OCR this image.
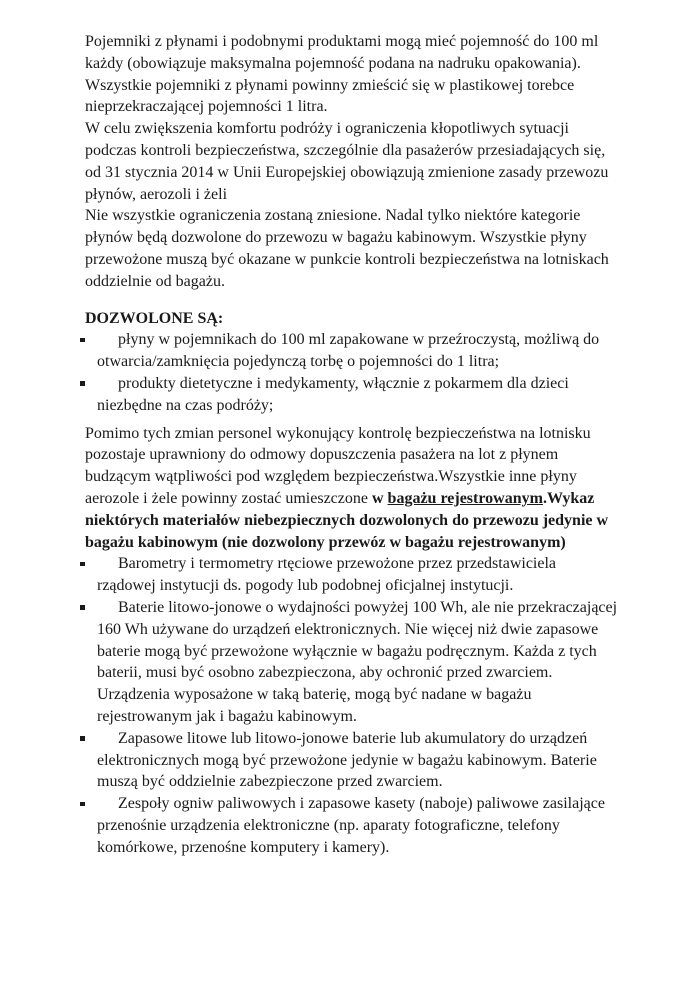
Pojemniki z płynami i podobnymi produktami mogą mieć pojemność do 100 ml każdy (obowiązuje maksymalna pojemność podana na nadruku opakowania). Wszystkie pojemniki z płynami powinny zmieścić się w plastikowej torebce nieprzekraczającej pojemności 1 litra.

W celu zwiększenia komfortu podróży i ograniczenia kłopotliwych sytuacji podczas kontroli bezpieczeństwa, szczególnie dla pasażerów przesiadających się, od 31 stycznia 2014 w Unii Europejskiej obowiązują zmienione zasady przewozu płynów, aerozoli i żeli

Nie wszystkie ograniczenia zostaną zniesione. Nadal tylko niektóre kategorie płynów będą dozwolone do przewozu w bagażu kabinowym. Wszystkie płyny przewożone muszą być okazane w punkcie kontroli bezpieczeństwa na lotniskach oddzielnie od bagażu.

DOZWOLONE SĄ:

płyny w pojemnikach do 100 ml zapakowane w przeźroczystą, możliwą do otwarcia/zamknięcia pojedynczą torbę o pojemności do 1 litra;
produkty dietetyczne i medykamenty, włącznie z pokarmem dla dzieci niezbędne na czas podróży;

Pomimo tych zmian personel wykonujący kontrolę bezpieczeństwa na lotnisku pozostaje uprawniony do odmowy dopuszczenia pasażera na lot z płynem budzącym wątpliwości pod względem bezpieczeństwa.Wszystkie inne płyny aerozole i żele powinny zostać umieszczone w bagażu rejestrowanym.Wykaz niektórych materiałów niebezpiecznych dozwolonych do przewozu jedynie w bagażu kabinowym (nie dozwolony przewóz w bagażu rejestrowanym)

Barometry i termometry rtęciowe przewożone przez przedstawiciela rządowej instytucji ds. pogody lub podobnej oficjalnej instytucji.
Baterie litowo-jonowe o wydajności powyżej 100 Wh, ale nie przekraczającej 160 Wh używane do urządzeń elektronicznych. Nie więcej niż dwie zapasowe baterie mogą być przewożone wyłącznie w bagażu podręcznym. Każda z tych baterii, musi być osobno zabezpieczona, aby ochronić przed zwarciem. Urządzenia wyposażone w taką baterię, mogą być nadane w bagażu rejestrowanym jak i bagażu kabinowym.
Zapasowe litowe lub litowo-jonowe baterie lub akumulatory do urządzeń elektronicznych mogą być przewożone jedynie w bagażu kabinowym. Baterie muszą być oddzielnie zabezpieczone przed zwarciem.
Zespoły ogniw paliwowych i zapasowe kasety (naboje) paliwowe zasilające przenośnie urządzenia elektroniczne (np. aparaty fotograficzne, telefony komórkowe, przenośne komputery i kamery).
